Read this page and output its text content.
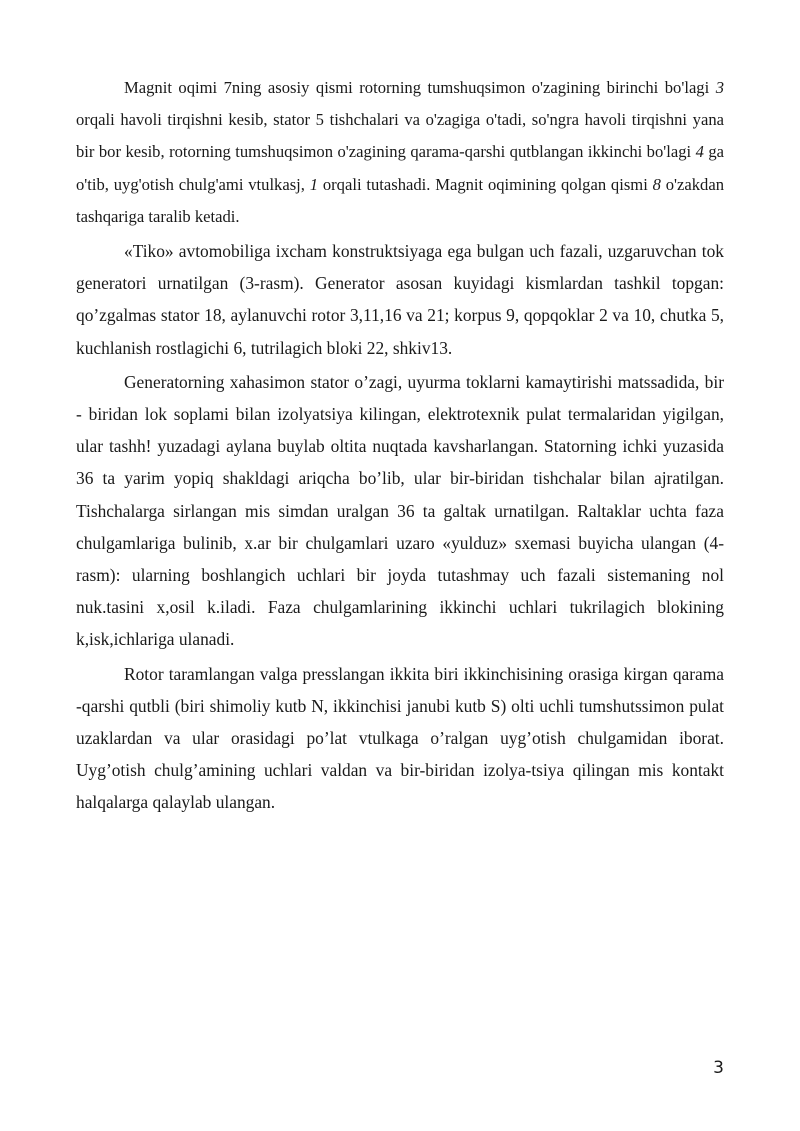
Magnit oqimi 7ning asosiy qismi rotorning tumshuqsimon o'zagining birinchi bo'lagi 3 orqali havoli tirqishni kesib, stator 5 tishchalari va o'zagiga o'tadi, so'ngra havoli tirqishni yana bir bor kesib, rotorning tumshuqsimon o'zagining qarama-qarshi qutblangan ikkinchi bo'lagi 4 ga o'tib, uyg'otish chulg'ami vtulkasj, 1 orqali tutashadi. Magnit oqimining qolgan qismi 8 o'zakdan tashqariga taralib ketadi.

«Tiko» avtomobiliga ixcham konstruktsiyaga ega bulgan uch fazali, uzgaruvchan tok generatori urnatilgan (3-rasm). Generator asosan kuyidagi kismlardan tashkil topgan: qo’zgalmas stator 18, aylanuvchi rotor 3,11,16 va 21; korpus 9, qopqoklar 2 va 10, chutka 5, kuchlanish rostlagichi 6, tutrilagich bloki 22, shkiv13.

Generatorning xahasimon stator o’zagi, uyurma toklarni kamaytirishi matssadida, bir - biridan lok soplami bilan izolyatsiya kilingan, elektrotexnik pulat termalaridan yigilgan, ular tashh! yuzadagi aylana buylab oltita nuqtada kavsharlangan. Statorning ichki yuzasida 36 ta yarim yopiq shakldagi ariqcha bo’lib, ular bir-biridan tishchalar bilan ajratilgan. Tishchalarga sirlangan mis simdan uralgan 36 ta galtak urnatilgan. Raltaklar uchta faza chulgamlariga bulinib, x.ar bir chulgamlari uzaro «yulduz» sxemasi buyicha ulangan (4-rasm): ularning boshlangich uchlari bir joyda tutashmay uch fazali sistemaning nol nuk.tasini x,osil k.iladi. Faza chulgamlarining ikkinchi uchlari tukrilagich blokining k,isk,ichlariga ulanadi.

Rotor taramlangan valga presslangan ikkita biri ikkinchisining orasiga kirgan qarama -qarshi qutbli (biri shimoliy kutb N, ikkinchisi janubi kutb S) olti uchli tumshutssimon pulat uzaklardan va ular orasidagi po’lat vtulkaga o’ralgan uyg’otish chulgamidan iborat. Uyg’otish chulg’amining uchlari valdan va bir-biridan izolya-tsiya qilingan mis kontakt halqalarga qalaylab ulangan.

3
